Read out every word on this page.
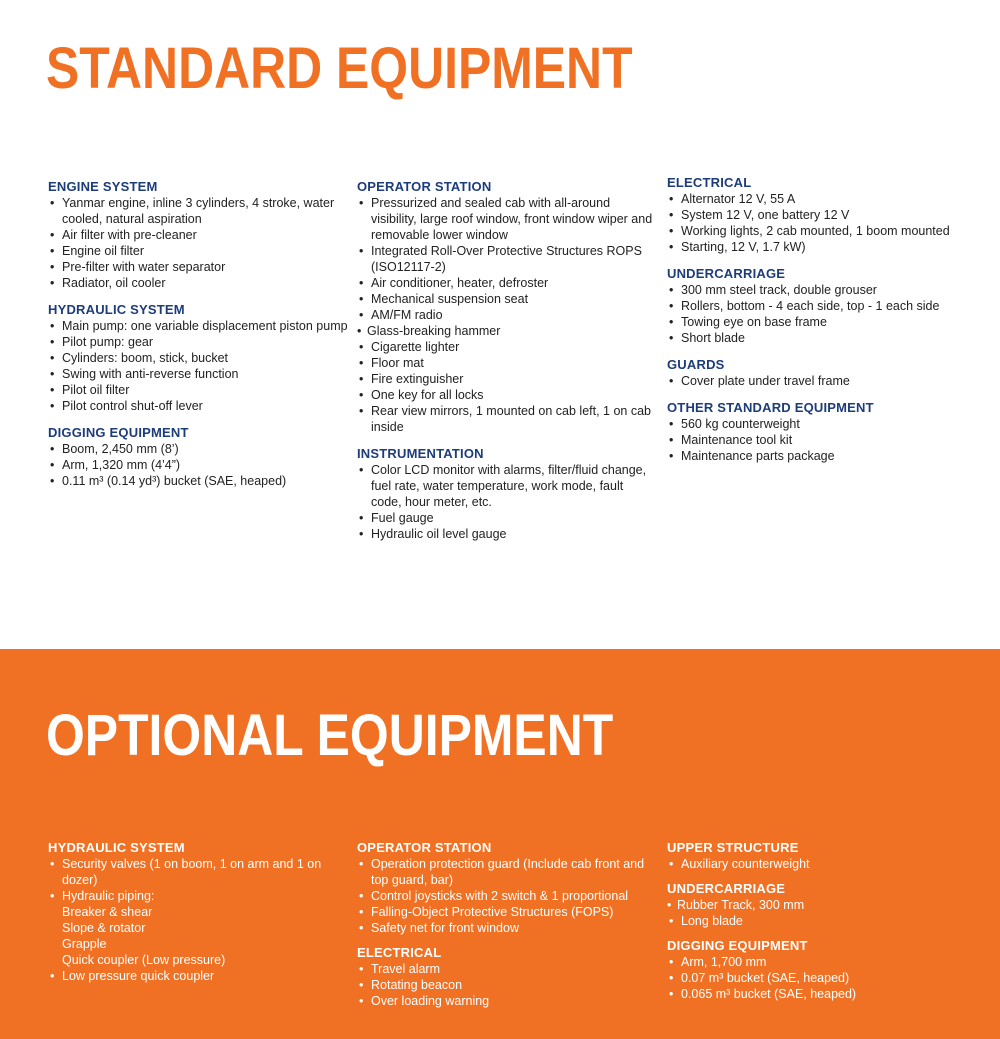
STANDARD EQUIPMENT
ENGINE SYSTEM
• Yanmar engine, inline 3 cylinders, 4 stroke, water cooled, natural aspiration
• Air filter with pre-cleaner
• Engine oil filter
• Pre-filter with water separator
• Radiator, oil cooler
HYDRAULIC SYSTEM
• Main pump: one variable displacement piston pump
• Pilot pump: gear
• Cylinders: boom, stick, bucket
• Swing with anti-reverse function
• Pilot oil filter
• Pilot control shut-off lever
DIGGING EQUIPMENT
• Boom, 2,450 mm (8’)
• Arm, 1,320 mm (4’4”)
• 0.11 m³ (0.14 yd³) bucket (SAE, heaped)
OPERATOR STATION
• Pressurized and sealed cab with all-around visibility, large roof window, front window wiper and removable lower window
• Integrated Roll-Over Protective Structures ROPS (ISO12117-2)
• Air conditioner, heater, defroster
• Mechanical suspension seat
• AM/FM radio
• Glass-breaking hammer
• Cigarette lighter
• Floor mat
• Fire extinguisher
• One key for all locks
• Rear view mirrors, 1 mounted on cab left, 1 on cab inside
INSTRUMENTATION
• Color LCD monitor with alarms, filter/fluid change, fuel rate, water temperature, work mode, fault code, hour meter, etc.
• Fuel gauge
• Hydraulic oil level gauge
ELECTRICAL
• Alternator 12 V, 55 A
• System 12 V, one battery 12 V
• Working lights, 2 cab mounted, 1 boom mounted
• Starting, 12 V, 1.7 kW)
UNDERCARRIAGE
• 300 mm steel track, double grouser
• Rollers, bottom - 4 each side, top - 1 each side
• Towing eye on base frame
• Short blade
GUARDS
• Cover plate under travel frame
OTHER STANDARD EQUIPMENT
• 560 kg counterweight
• Maintenance tool kit
• Maintenance parts package
OPTIONAL EQUIPMENT
HYDRAULIC SYSTEM
• Security valves (1 on boom, 1 on arm and 1 on dozer)
• Hydraulic piping:
Breaker & shear
Slope & rotator
Grapple
Quick coupler (Low pressure)
• Low pressure quick coupler
OPERATOR STATION
• Operation protection guard (Include cab front and top guard, bar)
• Control joysticks with 2 switch & 1 proportional
• Falling-Object Protective Structures (FOPS)
• Safety net for front window
ELECTRICAL
• Travel alarm
• Rotating beacon
• Over loading warning
UPPER STRUCTURE
• Auxiliary counterweight
UNDERCARRIAGE
• Rubber Track, 300 mm
• Long blade
DIGGING EQUIPMENT
• Arm, 1,700 mm
• 0.07 m³ bucket (SAE, heaped)
• 0.065 m³ bucket (SAE, heaped)
